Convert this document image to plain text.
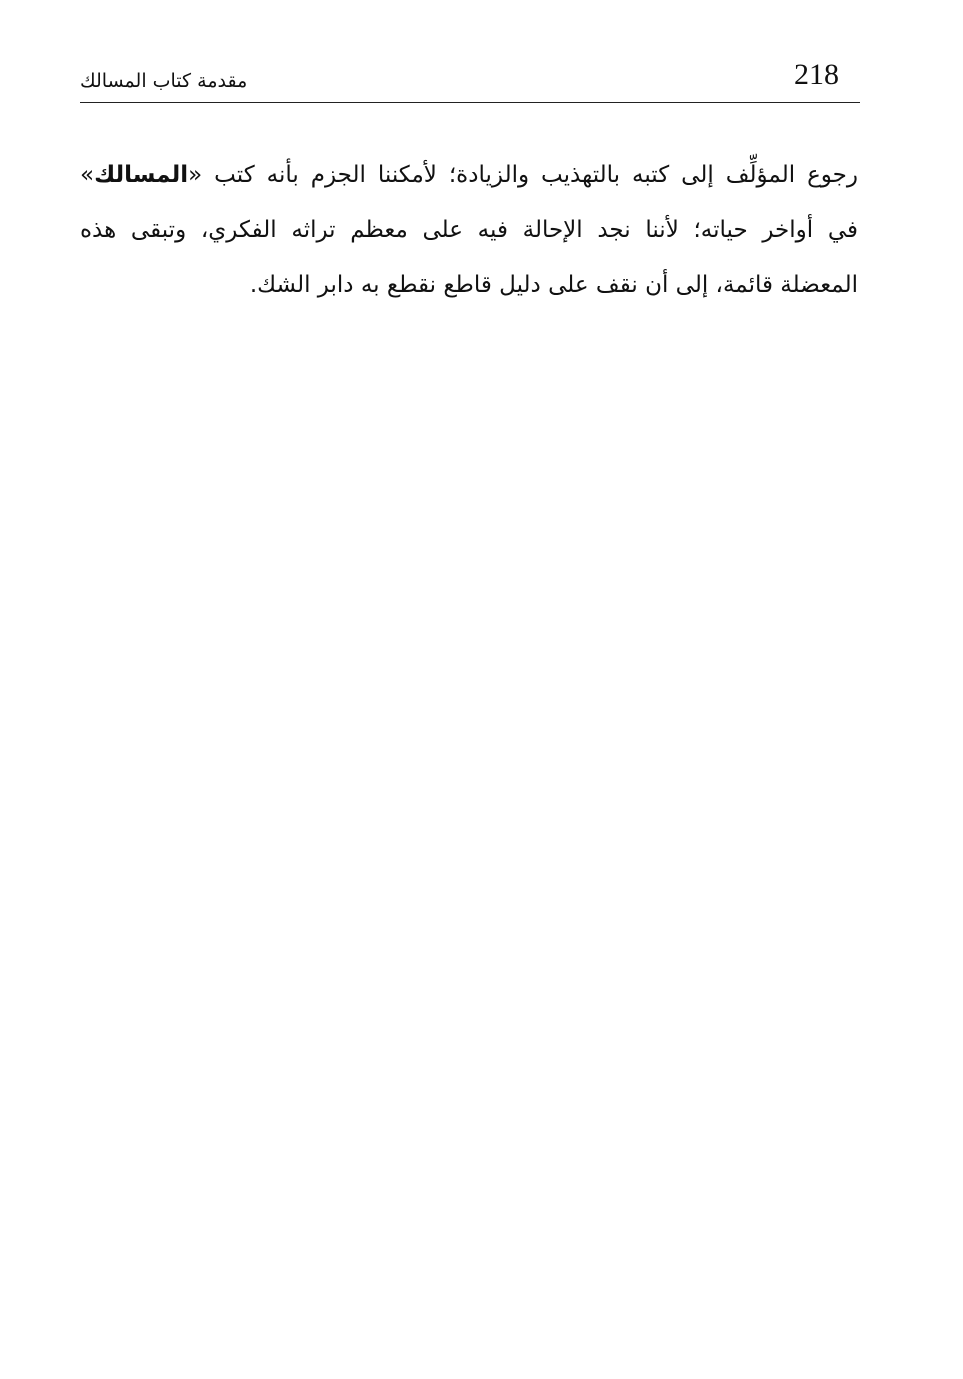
218
مقدمة كتاب المسالك
رجوع المؤلِّف إلى كتبه بالتهذيب والزيادة؛ لأمكننا الجزم بأنه كتب «المسالك»
في أواخر حياته؛ لأننا نجد الإحالة فيه على معظم تراثه الفكري، وتبقى هذه
المعضلة قائمة، إلى أن نقف على دليل قاطع نقطع به دابر الشك.
